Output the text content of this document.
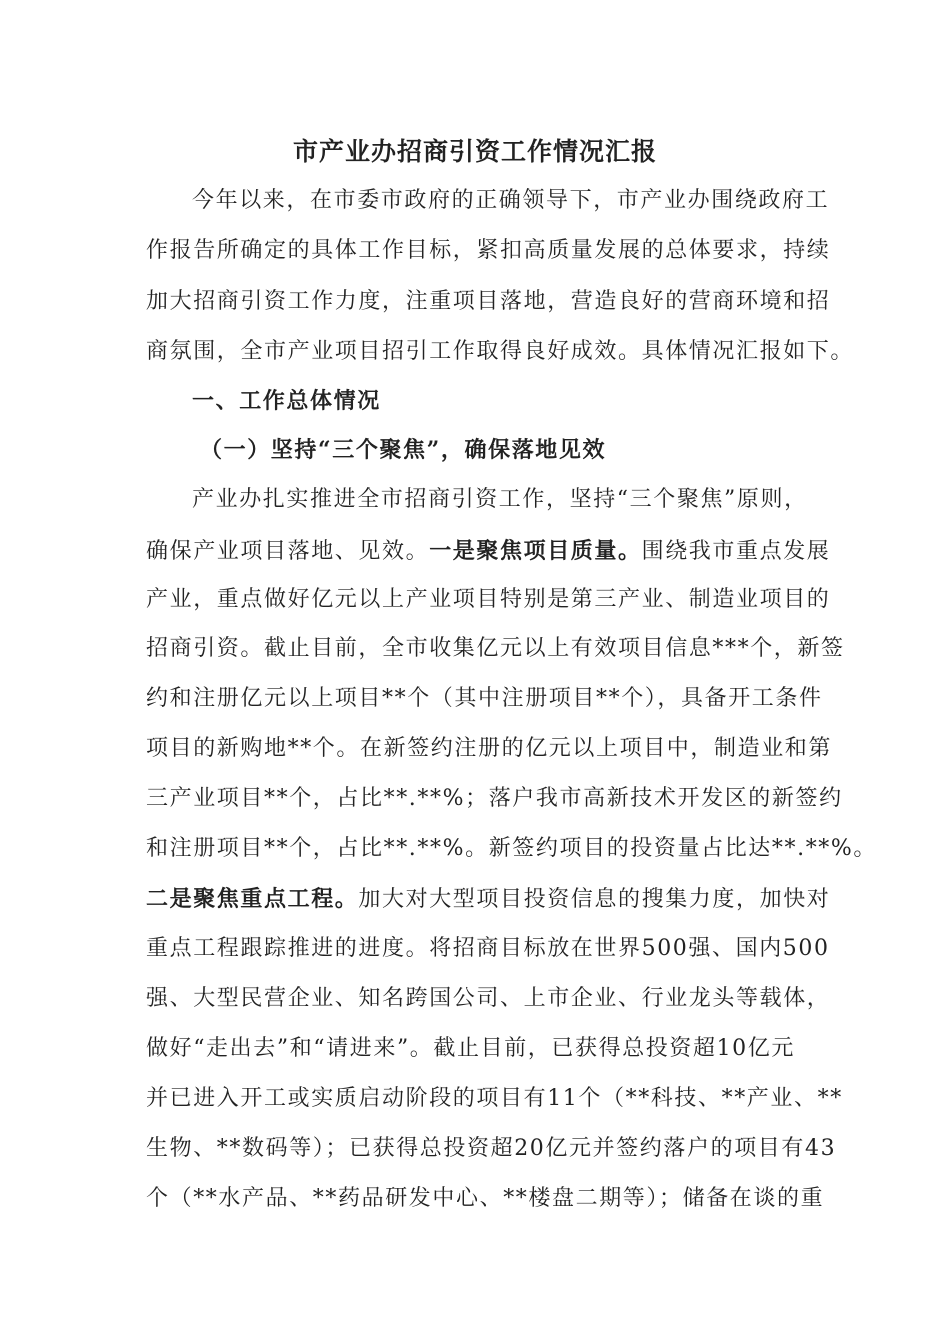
市产业办招商引资工作情况汇报

今年以来，在市委市政府的正确领导下，市产业办围绕政府工

作报告所确定的具体工作目标，紧扣高质量发展的总体要求，持续

加大招商引资工作力度，注重项目落地，营造良好的营商环境和招

商氛围，全市产业项目招引工作取得良好成效。具体情况汇报如下。

一、工作总体情况

（一）坚持“三个聚焦”，确保落地见效

产业办扎实推进全市招商引资工作，坚持“三个聚焦”原则，

确保产业项目落地、见效。一是聚焦项目质量。围绕我市重点发展

产业，重点做好亿元以上产业项目特别是第三产业、制造业项目的

招商引资。截止目前，全市收集亿元以上有效项目信息***个，新签

约和注册亿元以上项目**个（其中注册项目**个），具备开工条件

项目的新购地**个。在新签约注册的亿元以上项目中，制造业和第

三产业项目**个，占比**.**%；落户我市高新技术开发区的新签约

和注册项目**个，占比**.**%。新签约项目的投资量占比达**.**%。

二是聚焦重点工程。加大对大型项目投资信息的搜集力度，加快对

重点工程跟踪推进的进度。将招商目标放在世界500强、国内500

强、大型民营企业、知名跨国公司、上市企业、行业龙头等载体，

做好“走出去”和“请进来”。截止目前，已获得总投资超10亿元

并已进入开工或实质启动阶段的项目有11个（**科技、**产业、**

生物、**数码等）；已获得总投资超20亿元并签约落户的项目有43

个（**水产品、**药品研发中心、**楼盘二期等）；储备在谈的重
